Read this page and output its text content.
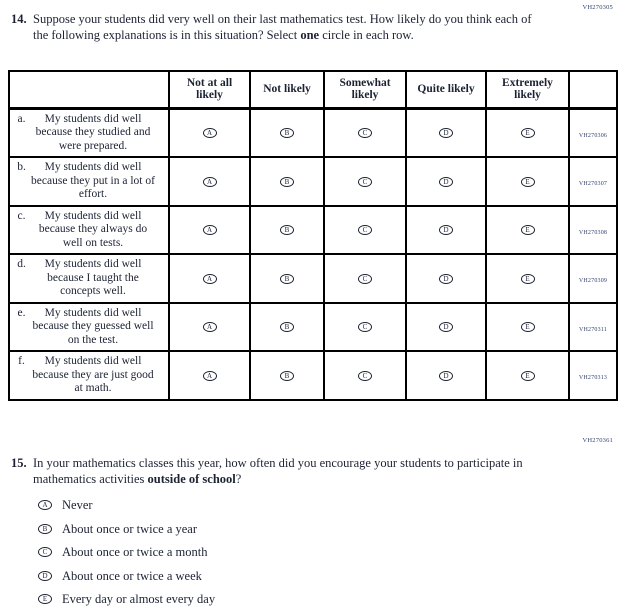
VH270305
14. Suppose your students did very well on their last mathematics test. How likely do you think each of the following explanations is in this situation? Select one circle in each row.
	Not at all likely	Not likely	Somewhat likely	Quite likely	Extremely likely	

a. My students did well because they studied and were prepared.	A	B	C	D	E	VH270306

b. My students did well because they put in a lot of effort.	A	B	C	D	E	VH270307

c. My students did well because they always do well on tests.	A	B	C	D	E	VH270308

d. My students did well because I taught the concepts well.	A	B	C	D	E	VH270309

e. My students did well because they guessed well on the test.	A	B	C	D	E	VH270311

f. My students did well because they are just good at math.	A	B	C	D	E	VH270313
VH270361
15. In your mathematics classes this year, how often did you encourage your students to participate in mathematics activities outside of school?
A	Never
B	About once or twice a year
C	About once or twice a month
D	About once or twice a week
E	Every day or almost every day
